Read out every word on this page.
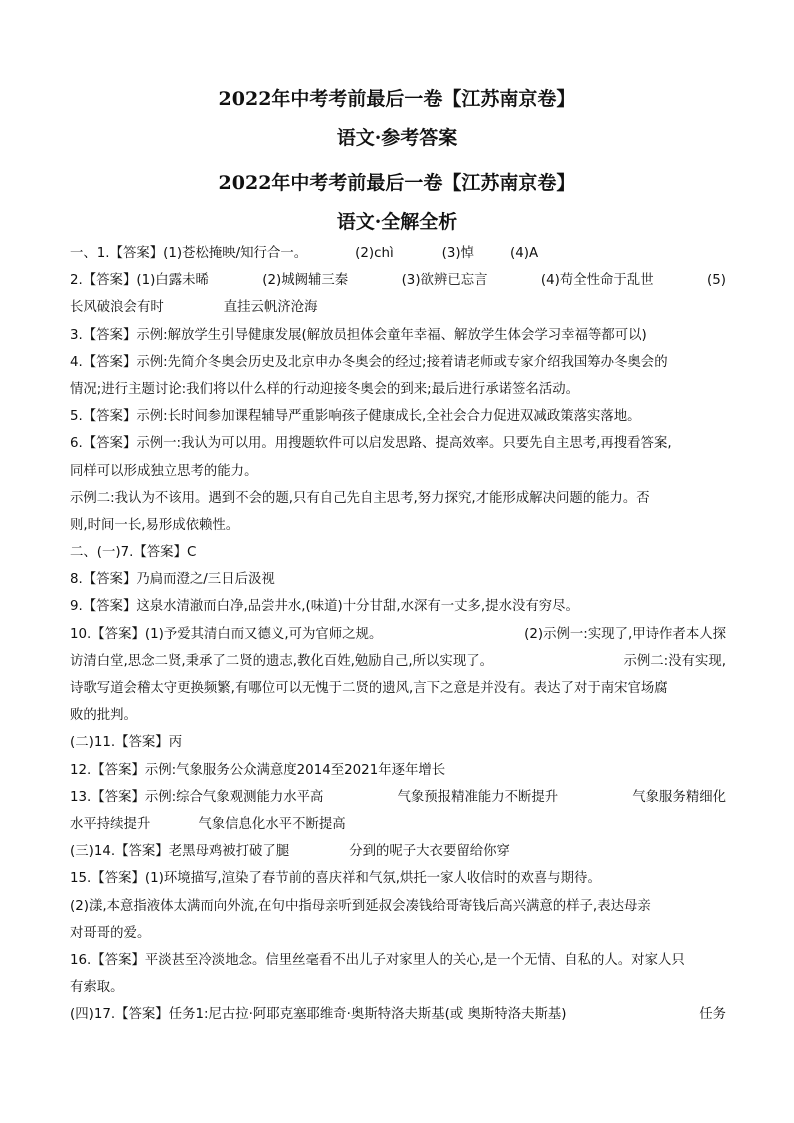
2022年中考考前最后一卷【江苏南京卷】
语文·参考答案
2022年中考考前最后一卷【江苏南京卷】
语文·全解全析
一、1.【答案】(1)苍松掩映/知行合一。	(2)chì	(3)悼	(4)A
2.【答案】(1)白露未晞	(2)城阙辅三秦	(3)欲辨已忘言	(4)苟全性命于乱世	(5)
长风破浪会有时	直挂云帆济沧海
3.【答案】示例:解放学生引导健康发展(解放员担体会童年幸福、解放学生体会学习幸福等都可以)
4.【答案】示例:先简介冬奥会历史及北京申办冬奥会的经过;接着请老师或专家介绍我国筹办冬奥会的
情况;进行主题讨论:我们将以什么样的行动迎接冬奥会的到来;最后进行承诺签名活动。
5.【答案】示例:长时间参加课程辅导严重影响孩子健康成长,全社会合力促进双减政策落实落地。
6.【答案】示例一:我认为可以用。用搜题软件可以启发思路、提高效率。只要先自主思考,再搜看答案,
同样可以形成独立思考的能力。
示例二:我认为不该用。遇到不会的题,只有自己先自主思考,努力探究,才能形成解决问题的能力。否
则,时间一长,易形成依赖性。
二、(一)7.【答案】C
8.【答案】乃扃而澄之/三日后汲视
9.【答案】这泉水清澈而白净,品尝井水,(味道)十分甘甜,水深有一丈多,提水没有穷尽。
10.【答案】(1)予爱其清白而又德义,可为官师之规。	(2)示例一:实现了,甲诗作者本人探
访清白堂,思念二贤,秉承了二贤的遗志,教化百姓,勉励自己,所以实现了。	示例二:没有实现,
诗歌写道会稽太守更换频繁,有哪位可以无愧于二贤的遗风,言下之意是并没有。表达了对于南宋官场腐
败的批判。
(二)11.【答案】丙
12.【答案】示例:气象服务公众满意度2014至2021年逐年增长
13.【答案】示例:综合气象观测能力水平高	气象预报精准能力不断提升	气象服务精细化
水平持续提升	气象信息化水平不断提高
(三)14.【答案】老黑母鸡被打破了腿	分到的呢子大衣要留给你穿
15.【答案】(1)环境描写,渲染了春节前的喜庆祥和气氛,烘托一家人收信时的欢喜与期待。
(2)漾,本意指液体太满而向外流,在句中指母亲听到延叔会凑钱给哥寄钱后高兴满意的样子,表达母亲
对哥哥的爱。
16.【答案】平淡甚至冷淡地念。信里丝毫看不出儿子对家里人的关心,是一个无情、自私的人。对家人只
有索取。
(四)17.【答案】任务1:尼古拉·阿耶克塞耶维奇·奥斯特洛夫斯基(或 奥斯特洛夫斯基)	任务
